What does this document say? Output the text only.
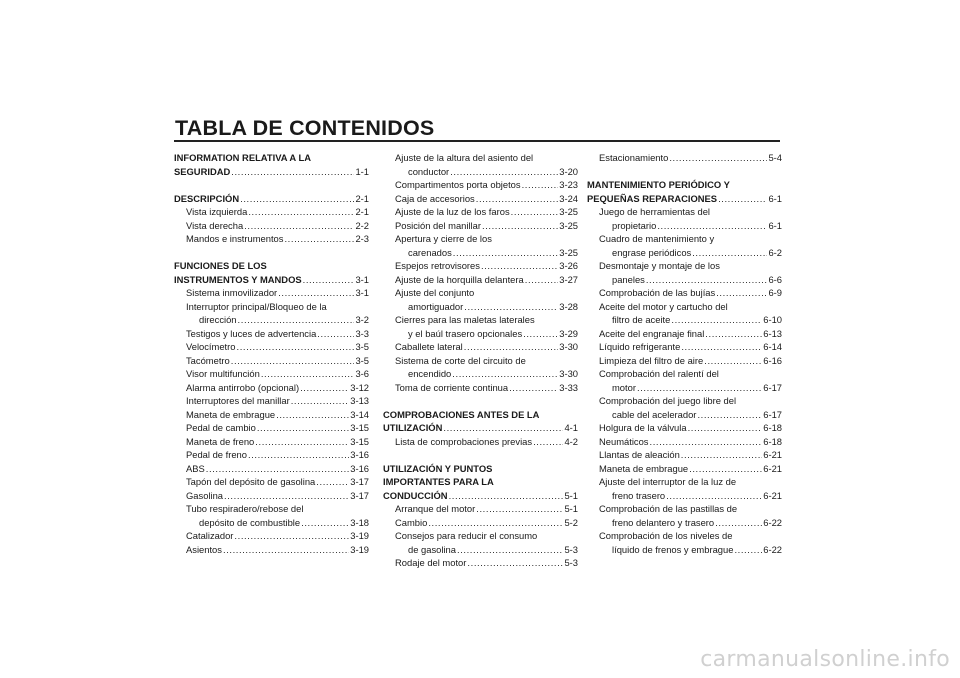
TABLA DE CONTENIDOS
INFORMATION RELATIVA A LA
SEGURIDAD .....	1-1
DESCRIPCIÓN .....	2-1
Vista izquierda .....	2-1
Vista derecha .....	2-2
Mandos e instrumentos .....	2-3
FUNCIONES DE LOS
INSTRUMENTOS Y MANDOS .....	3-1
Sistema inmovilizador .....	3-1
Interruptor principal/Bloqueo de la
dirección .....	3-2
Testigos y luces de advertencia .....	3-3
Velocímetro .....	3-5
Tacómetro .....	3-5
Visor multifunción .....	3-6
Alarma antirrobo (opcional) .....	3-12
Interruptores del manillar .....	3-13
Maneta de embrague .....	3-14
Pedal de cambio .....	3-15
Maneta de freno .....	3-15
Pedal de freno .....	3-16
ABS .....	3-16
Tapón del depósito de gasolina .....	3-17
Gasolina .....	3-17
Tubo respiradero/rebose del
depósito de combustible .....	3-18
Catalizador .....	3-19
Asientos .....	3-19
Ajuste de la altura del asiento del
conductor .....	3-20
Compartimentos porta objetos .....	3-23
Caja de accesorios .....	3-24
Ajuste de la luz de los faros .....	3-25
Posición del manillar .....	3-25
Apertura y cierre de los
carenados .....	3-25
Espejos retrovisores .....	3-26
Ajuste de la horquilla delantera .....	3-27
Ajuste del conjunto
amortiguador .....	3-28
Cierres para las maletas laterales
y el baúl trasero opcionales .....	3-29
Caballete lateral .....	3-30
Sistema de corte del circuito de
encendido .....	3-30
Toma de corriente continua .....	3-33
COMPROBACIONES ANTES DE LA
UTILIZACIÓN .....	4-1
Lista de comprobaciones previas .....	4-2
UTILIZACIÓN Y PUNTOS
IMPORTANTES PARA LA
CONDUCCIÓN .....	5-1
Arranque del motor .....	5-1
Cambio .....	5-2
Consejos para reducir el consumo
de gasolina .....	5-3
Rodaje del motor .....	5-3
Estacionamiento .....	5-4
MANTENIMIENTO PERIÓDICO Y
PEQUEÑAS REPARACIONES .....	6-1
Juego de herramientas del
propietario .....	6-1
Cuadro de mantenimiento y
engrase periódicos .....	6-2
Desmontaje y montaje de los
paneles .....	6-6
Comprobación de las bujías .....	6-9
Aceite del motor y cartucho del
filtro de aceite .....	6-10
Aceite del engranaje final .....	6-13
Líquido refrigerante .....	6-14
Limpieza del filtro de aire .....	6-16
Comprobación del ralentí del
motor .....	6-17
Comprobación del juego libre del
cable del acelerador .....	6-17
Holgura de la válvula .....	6-18
Neumáticos .....	6-18
Llantas de aleación .....	6-21
Maneta de embrague .....	6-21
Ajuste del interruptor de la luz de
freno trasero .....	6-21
Comprobación de las pastillas de
freno delantero y trasero .....	6-22
Comprobación de los niveles de
líquido de frenos y embrague .....	6-22
carmanualsonline.info
